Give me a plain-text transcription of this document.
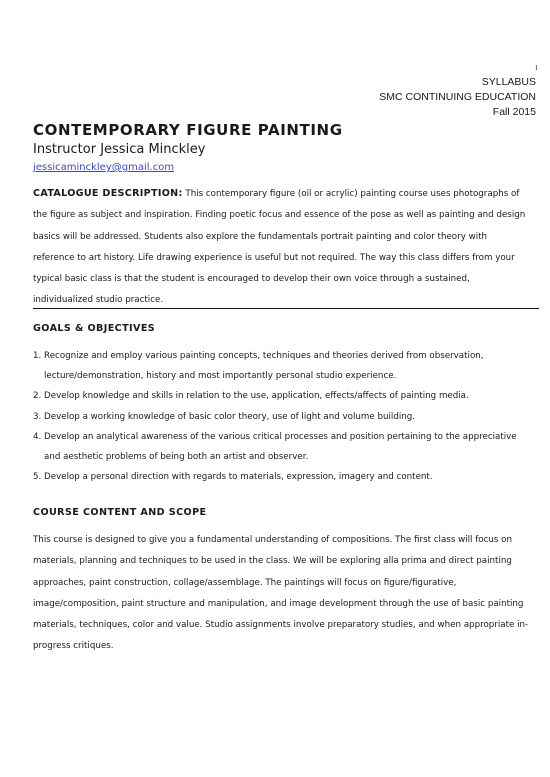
1
SYLLABUS
SMC CONTINUING EDUCATION
Fall 2015
CONTEMPORARY FIGURE PAINTING
Instructor Jessica Minckley
jessicaminckley@gmail.com

CATALOGUE DESCRIPTION: This contemporary figure (oil or acrylic) painting course uses photographs of the figure as subject and inspiration. Finding poetic focus and essence of the pose as well as painting and design basics will be addressed. Students also explore the fundamentals portrait painting and color theory with reference to art history. Life drawing experience is useful but not required. The way this class differs from your typical basic class is that the student is encouraged to develop their own voice through a sustained, individualized studio practice.

GOALS & OBJECTIVES
1. Recognize and employ various painting concepts, techniques and theories derived from observation, lecture/demonstration, history and most importantly personal studio experience.
2. Develop knowledge and skills in relation to the use, application, effects/affects of painting media.
3. Develop a working knowledge of basic color theory, use of light and volume building.
4. Develop an analytical awareness of the various critical processes and position pertaining to the appreciative and aesthetic problems of being both an artist and observer.
5. Develop a personal direction with regards to materials, expression, imagery and content.
COURSE CONTENT AND SCOPE

This course is designed to give you a fundamental understanding of compositions. The first class will focus on materials, planning and techniques to be used in the class. We will be exploring alla prima and direct painting approaches, paint construction, collage/assemblage. The paintings will focus on figure/figurative, image/composition, paint structure and manipulation, and image development through the use of basic painting materials, techniques, color and value. Studio assignments involve preparatory studies, and when appropriate in-progress critiques.
